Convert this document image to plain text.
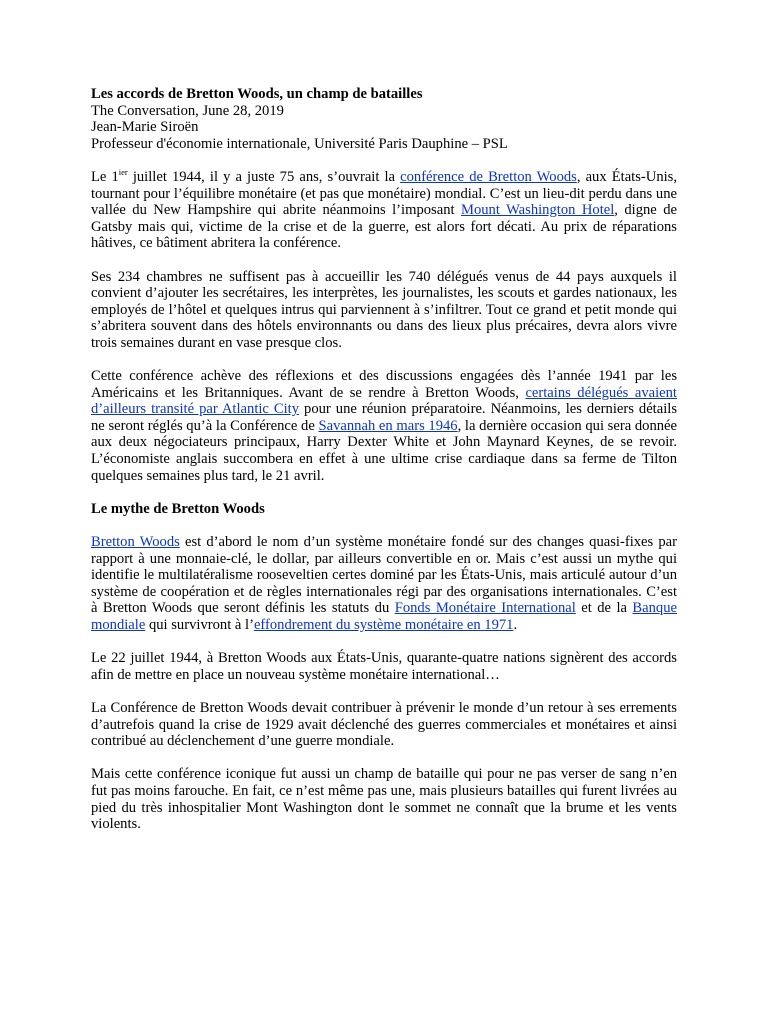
Les accords de Bretton Woods, un champ de batailles
The Conversation, June 28, 2019
Jean-Marie Siroën
Professeur d'économie internationale, Université Paris Dauphine – PSL

Le $1^{ier}$ juillet 1944, il y a juste 75 ans, s’ouvrait la conférence de Bretton Woods, aux États-Unis, tournant pour l’équilibre monétaire (et pas que monétaire) mondial. C’est un lieu-dit perdu dans une vallée du New Hampshire qui abrite néanmoins l’imposant Mount Washington Hotel, digne de Gatsby mais qui, victime de la crise et de la guerre, est alors fort décati. Au prix de réparations hâtives, ce bâtiment abritera la conférence.

Ses 234 chambres ne suffisent pas à accueillir les 740 délégués venus de 44 pays auxquels il convient d’ajouter les secrétaires, les interprètes, les journalistes, les scouts et gardes nationaux, les employés de l’hôtel et quelques intrus qui parviennent à s’infiltrer. Tout ce grand et petit monde qui s’abritera souvent dans des hôtels environnants ou dans des lieux plus précaires, devra alors vivre trois semaines durant en vase presque clos.

Cette conférence achève des réflexions et des discussions engagées dès l’année 1941 par les Américains et les Britanniques. Avant de se rendre à Bretton Woods, certains délégués avaient d’ailleurs transité par Atlantic City pour une réunion préparatoire. Néanmoins, les derniers détails ne seront réglés qu’à la Conférence de Savannah en mars 1946, la dernière occasion qui sera donnée aux deux négociateurs principaux, Harry Dexter White et John Maynard Keynes, de se revoir. L’économiste anglais succombera en effet à une ultime crise cardiaque dans sa ferme de Tilton quelques semaines plus tard, le 21 avril.

Le mythe de Bretton Woods

Bretton Woods est d’abord le nom d’un système monétaire fondé sur des changes quasi-fixes par rapport à une monnaie-clé, le dollar, par ailleurs convertible en or. Mais c’est aussi un mythe qui identifie le multilatéralisme rooseveltien certes dominé par les États-Unis, mais articulé autour d’un système de coopération et de règles internationales régi par des organisations internationales. C’est à Bretton Woods que seront définis les statuts du Fonds Monétaire International et de la Banque mondiale qui survivront à l’effondrement du système monétaire en 1971.

Le 22 juillet 1944, à Bretton Woods aux États-Unis, quarante-quatre nations signèrent des accords afin de mettre en place un nouveau système monétaire international…

La Conférence de Bretton Woods devait contribuer à prévenir le monde d’un retour à ses errements d’autrefois quand la crise de 1929 avait déclenché des guerres commerciales et monétaires et ainsi contribué au déclenchement d’une guerre mondiale.

Mais cette conférence iconique fut aussi un champ de bataille qui pour ne pas verser de sang n’en fut pas moins farouche. En fait, ce n’est même pas une, mais plusieurs batailles qui furent livrées au pied du très inhospitalier Mont Washington dont le sommet ne connaît que la brume et les vents violents.
